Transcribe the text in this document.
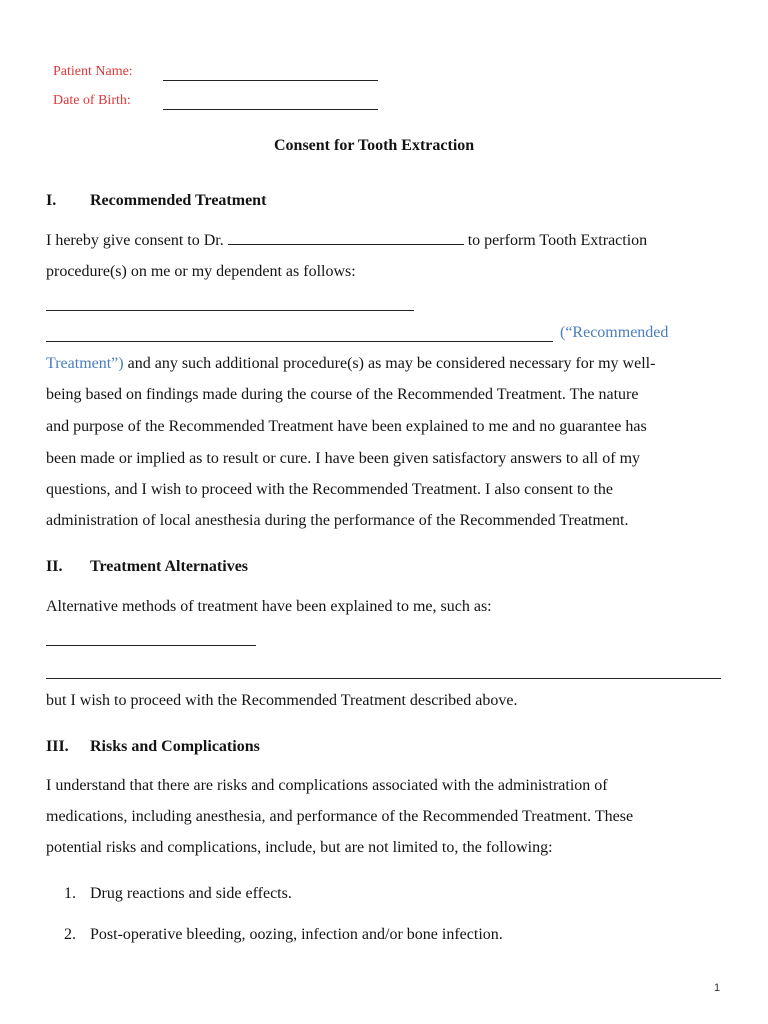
Patient Name:
Date of Birth:
Consent for Tooth Extraction
I. Recommended Treatment
I hereby give consent to Dr.	to perform Tooth Extraction
procedure(s) on me or my dependent as follows:
(“Recommended
Treatment”) and any such additional procedure(s) as may be considered necessary for my well-
being based on findings made during the course of the Recommended Treatment. The nature
and purpose of the Recommended Treatment have been explained to me and no guarantee has
been made or implied as to result or cure. I have been given satisfactory answers to all of my
questions, and I wish to proceed with the Recommended Treatment. I also consent to the
administration of local anesthesia during the performance of the Recommended Treatment.
II. Treatment Alternatives
Alternative methods of treatment have been explained to me, such as:
but I wish to proceed with the Recommended Treatment described above.
III. Risks and Complications
I understand that there are risks and complications associated with the administration of
medications, including anesthesia, and performance of the Recommended Treatment. These
potential risks and complications, include, but are not limited to, the following:
1. Drug reactions and side effects.
2. Post-operative bleeding, oozing, infection and/or bone infection.
1
